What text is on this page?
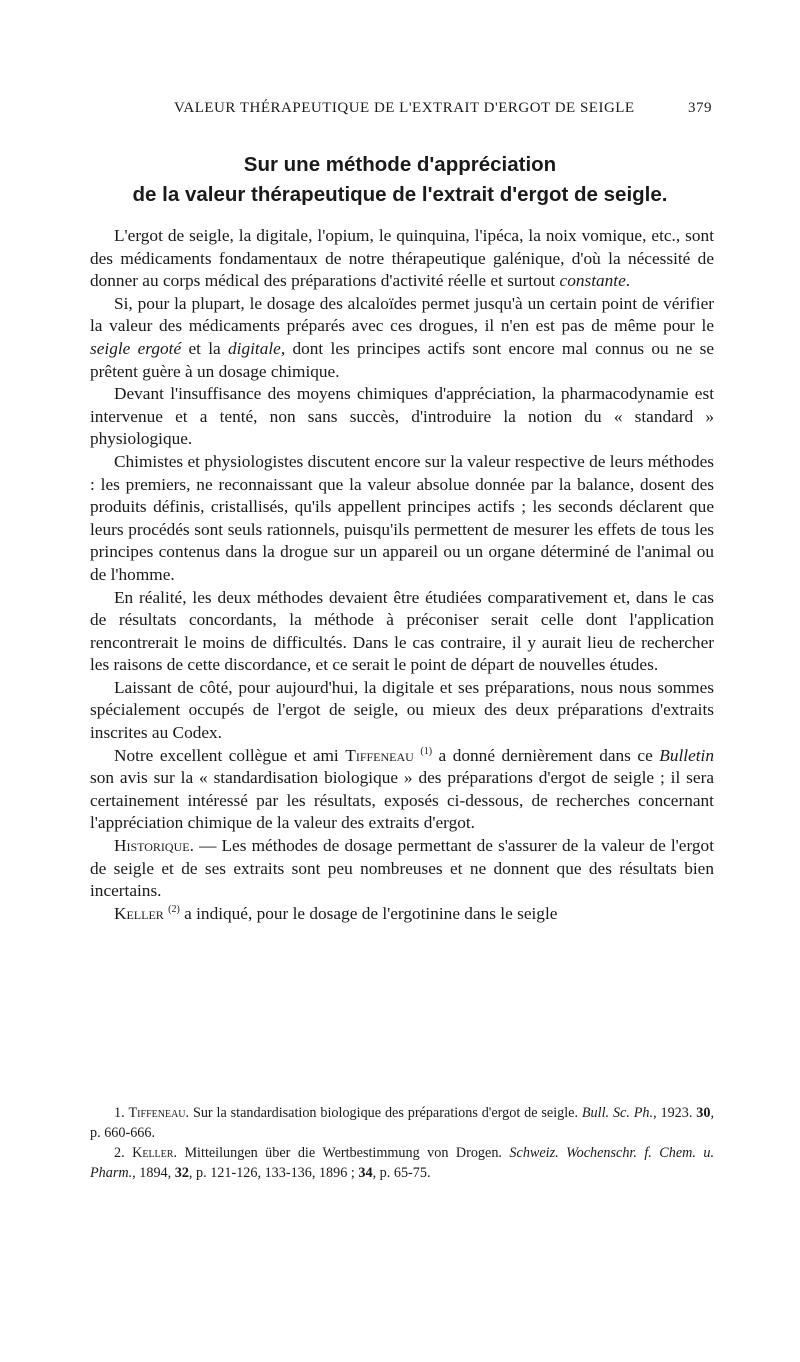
VALEUR THÉRAPEUTIQUE DE L'EXTRAIT D'ERGOT DE SEIGLE	379
Sur une méthode d'appréciation
de la valeur thérapeutique de l'extrait d'ergot de seigle.

L'ergot de seigle, la digitale, l'opium, le quinquina, l'ipéca, la noix vomique, etc., sont des médicaments fondamentaux de notre thérapeutique galénique, d'où la nécessité de donner au corps médical des préparations d'activité réelle et surtout constante.

Si, pour la plupart, le dosage des alcaloïdes permet jusqu'à un certain point de vérifier la valeur des médicaments préparés avec ces drogues, il n'en est pas de même pour le seigle ergoté et la digitale, dont les principes actifs sont encore mal connus ou ne se prêtent guère à un dosage chimique.

Devant l'insuffisance des moyens chimiques d'appréciation, la pharmacodynamie est intervenue et a tenté, non sans succès, d'introduire la notion du « standard » physiologique.

Chimistes et physiologistes discutent encore sur la valeur respective de leurs méthodes : les premiers, ne reconnaissant que la valeur absolue donnée par la balance, dosent des produits définis, cristallisés, qu'ils appellent principes actifs ; les seconds déclarent que leurs procédés sont seuls rationnels, puisqu'ils permettent de mesurer les effets de tous les principes contenus dans la drogue sur un appareil ou un organe déterminé de l'animal ou de l'homme.

En réalité, les deux méthodes devaient être étudiées comparativement et, dans le cas de résultats concordants, la méthode à préconiser serait celle dont l'application rencontrerait le moins de difficultés. Dans le cas contraire, il y aurait lieu de rechercher les raisons de cette discordance, et ce serait le point de départ de nouvelles études.

Laissant de côté, pour aujourd'hui, la digitale et ses préparations, nous nous sommes spécialement occupés de l'ergot de seigle, ou mieux des deux préparations d'extraits inscrites au Codex.

Notre excellent collègue et ami Tiffeneau $^{(1)}$ a donné dernièrement dans ce Bulletin son avis sur la « standardisation biologique » des préparations d'ergot de seigle ; il sera certainement intéressé par les résultats, exposés ci-dessous, de recherches concernant l'appréciation chimique de la valeur des extraits d'ergot.

Historique. — Les méthodes de dosage permettant de s'assurer de la valeur de l'ergot de seigle et de ses extraits sont peu nombreuses et ne donnent que des résultats bien incertains.

Keller $^{(2)}$ a indiqué, pour le dosage de l'ergotinine dans le seigle

1. Tiffeneau. Sur la standardisation biologique des préparations d'ergot de seigle. Bull. Sc. Ph., 1923. 30, p. 660-666.

2. Keller. Mitteilungen über die Wertbestimmung von Drogen. Schweiz. Wochenschr. f. Chem. u. Pharm., 1894, 32, p. 121-126, 133-136, 1896 ; 34, p. 65-75.
